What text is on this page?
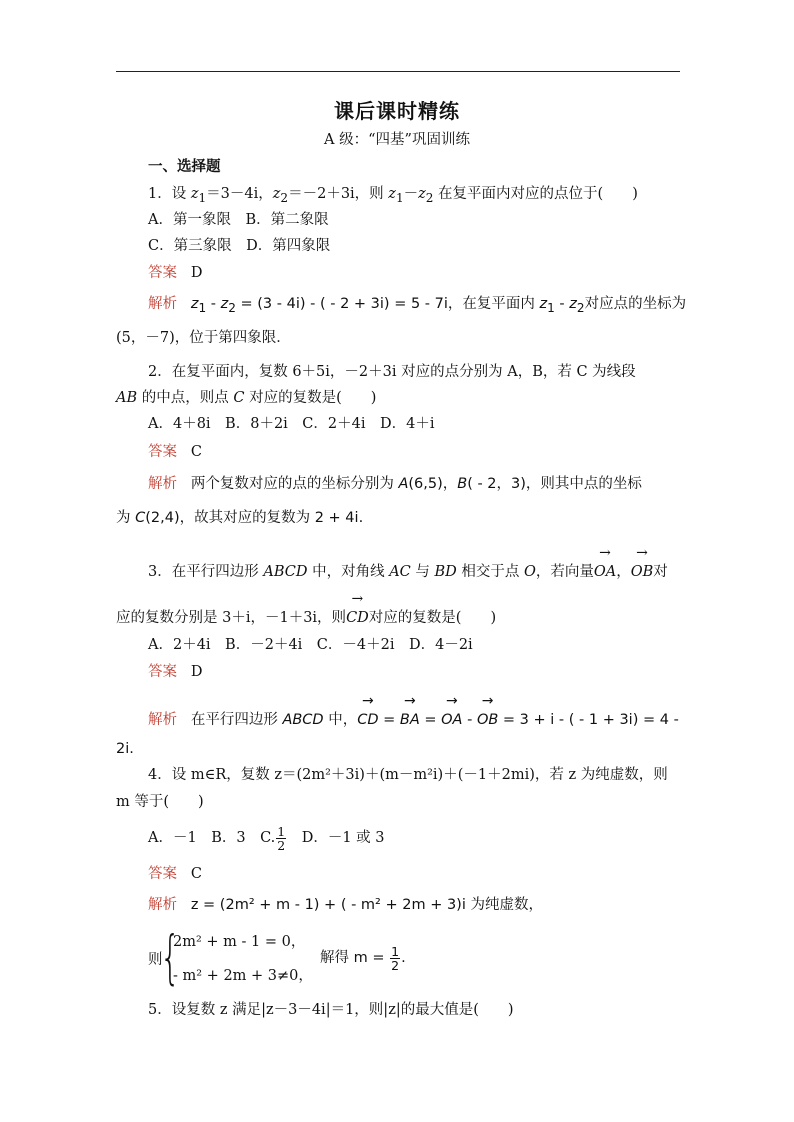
课后课时精练
A 级：“四基”巩固训练
一、选择题
1．设 $z_1=3-4i$，$z_2=-2+3i$，则 $z_1-z_2$ 在复平面内对应的点位于(　　)
A．第一象限　B．第二象限
C．第三象限　D．第四象限
答案 D
解析 $z_1 - z_2 = (3 - 4i)$ - ( - 2 + 3i) = 5 - 7i，在复平面内 $z_1 - z_2$对应点的坐标为
(5，－7)，位于第四象限．
2．在复平面内，复数 6＋5i，－2＋3i 对应的点分别为 A，B，若 C 为线段
AB 的中点，则点 C 对应的复数是(　　)
A．4＋8i　B．8＋2i　C．2＋4i　D．4＋i
答案 C
解析 两个复数对应的点的坐标分别为 A(6,5)，B( - 2，3)，则其中点的坐标
为 C(2,4)，故其对应的复数为 2 + 4i.
3．在平行四边形 ABCD 中，对角线 AC 与 BD 相交于点 O，若向量→ OA，→ OB对
应的复数分别是 3＋i，－1＋3i，则→ CD对应的复数是(　　)
A．2＋4i　B．－2＋4i　C．－4＋2i　D．4－2i
答案 D
解析 在平行四边形 ABCD 中，→ CD = → BA = → OA - → OB = 3 + i - ( - 1 + 3i) = 4 -
2i.
4．设 m∈R，复数 z＝(2m²＋3i)＋(m－m²i)＋(－1＋2mi)，若 z 为纯虚数，则
m 等于(　　)
A．－1　B．3　C. $\frac{1}{2}$ 　D．－1 或 3
答案 C
解析 z = (2m² + m - 1) + ( - m² + 2m + 3)i 为纯虚数，
则
{
2m² + m - 1 = 0，
- m² + 2m + 3≠0，
解得 $m = \frac{1}{2}$ .
5．设复数 z 满足|z－3－4i|＝1，则|z|的最大值是(　　)
